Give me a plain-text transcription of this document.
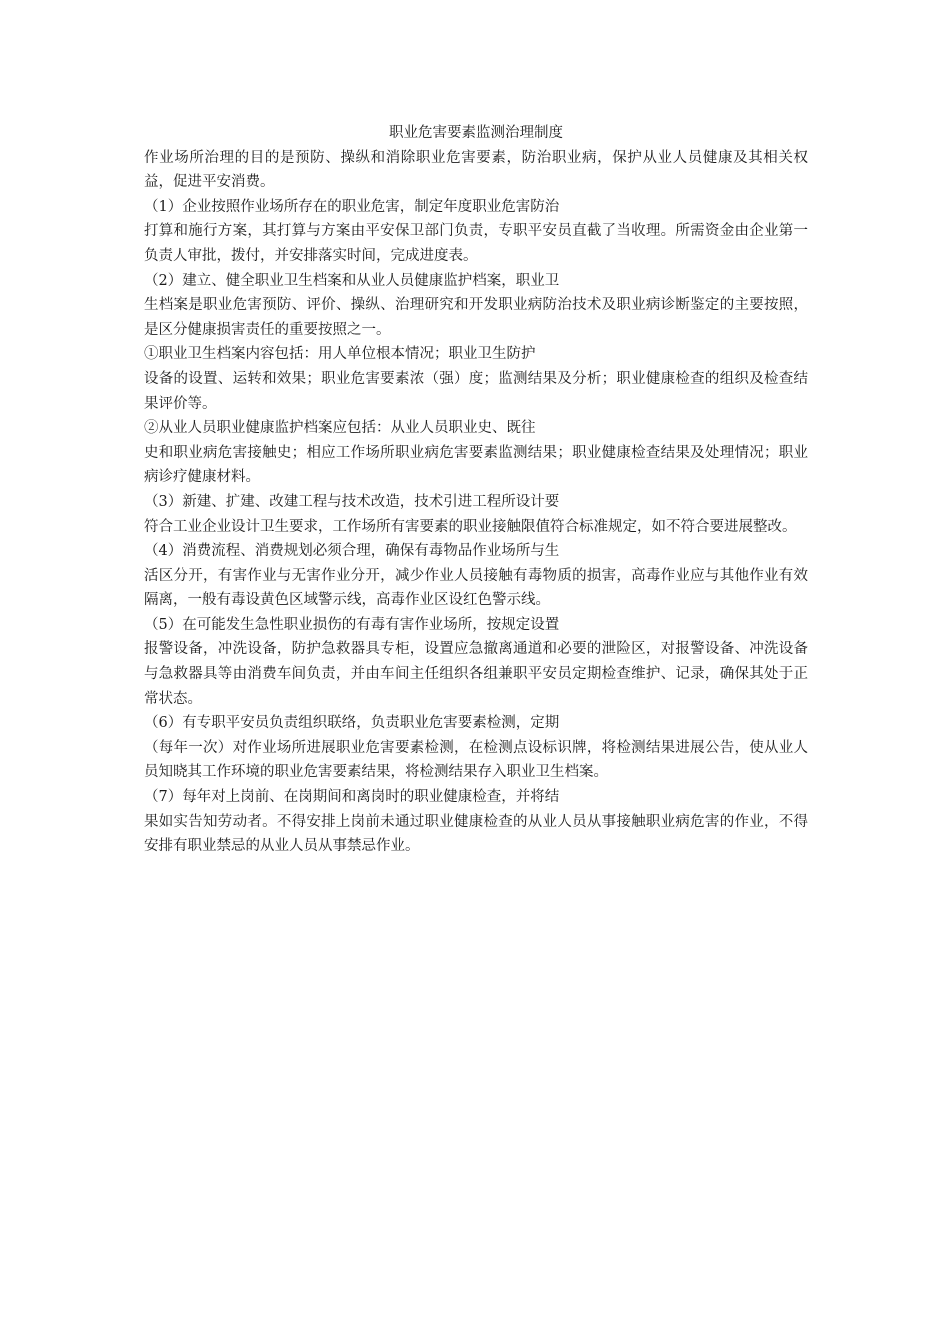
职业危害要素监测治理制度

作业场所治理的目的是预防、操纵和消除职业危害要素，防治职业病，保护从业人员健康及其相关权益，促进平安消费。

（1）企业按照作业场所存在的职业危害，制定年度职业危害防治

打算和施行方案，其打算与方案由平安保卫部门负责，专职平安员直截了当收理。所需资金由企业第一负责人审批，拨付，并安排落实时间，完成进度表。

（2）建立、健全职业卫生档案和从业人员健康监护档案，职业卫

生档案是职业危害预防、评价、操纵、治理研究和开发职业病防治技术及职业病诊断鉴定的主要按照，是区分健康损害责任的重要按照之一。

①职业卫生档案内容包括：用人单位根本情况；职业卫生防护

设备的设置、运转和效果；职业危害要素浓（强）度；监测结果及分析；职业健康检查的组织及检查结果评价等。

②从业人员职业健康监护档案应包括：从业人员职业史、既往

史和职业病危害接触史；相应工作场所职业病危害要素监测结果；职业健康检查结果及处理情况；职业病诊疗健康材料。

（3）新建、扩建、改建工程与技术改造，技术引进工程所设计要

符合工业企业设计卫生要求，工作场所有害要素的职业接触限值符合标准规定，如不符合要进展整改。

（4）消费流程、消费规划必须合理，确保有毒物品作业场所与生

活区分开，有害作业与无害作业分开，减少作业人员接触有毒物质的损害，高毒作业应与其他作业有效隔离，一般有毒设黄色区域警示线，高毒作业区设红色警示线。

（5）在可能发生急性职业损伤的有毒有害作业场所，按规定设置

报警设备，冲洗设备，防护急救器具专柜，设置应急撤离通道和必要的泄险区，对报警设备、冲洗设备与急救器具等由消费车间负责，并由车间主任组织各组兼职平安员定期检查维护、记录，确保其处于正常状态。

（6）有专职平安员负责组织联络，负责职业危害要素检测，定期

（每年一次）对作业场所进展职业危害要素检测，在检测点设标识牌，将检测结果进展公告，使从业人员知晓其工作环境的职业危害要素结果，将检测结果存入职业卫生档案。

（7）每年对上岗前、在岗期间和离岗时的职业健康检查，并将结

果如实告知劳动者。不得安排上岗前未通过职业健康检查的从业人员从事接触职业病危害的作业，不得安排有职业禁忌的从业人员从事禁忌作业。
